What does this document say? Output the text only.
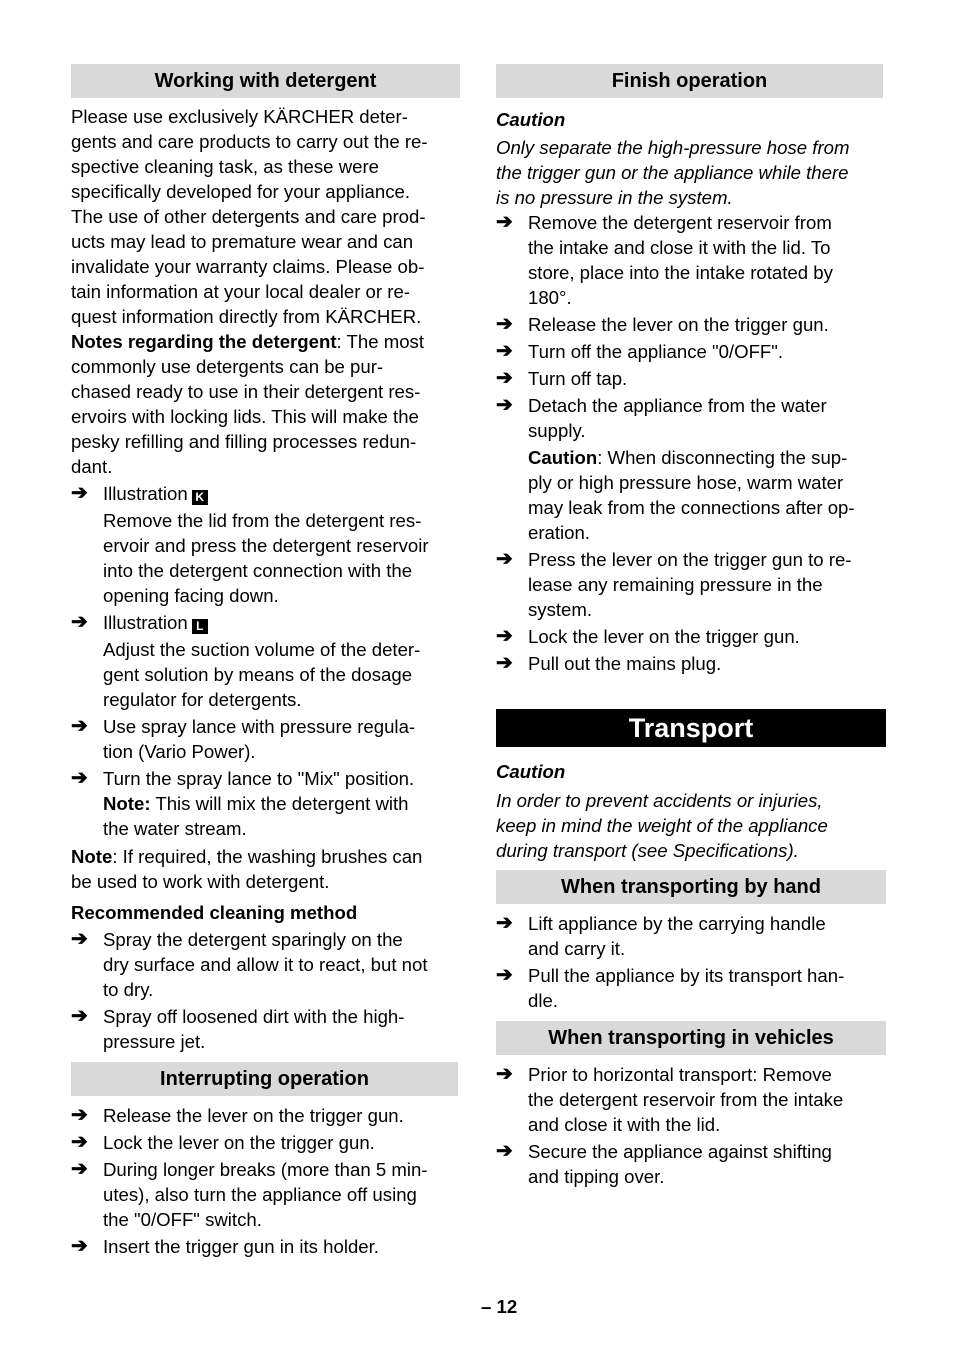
Working with detergent
Please use exclusively KÄRCHER deter-
gents and care products to carry out the re-
spective cleaning task, as these were
specifically developed for your appliance.
The use of other detergents and care prod-
ucts may lead to premature wear and can
invalidate your warranty claims. Please ob-
tain information at your local dealer or re-
quest information directly from KÄRCHER.
Notes regarding the detergent: The most
commonly use detergents can be pur-
chased ready to use in their detergent res-
ervoirs with locking lids. This will make the
pesky refilling and filling processes redun-
dant.
➔ Illustration K
Remove the lid from the detergent res-
ervoir and press the detergent reservoir
into the detergent connection with the
opening facing down.
➔ Illustration L
Adjust the suction volume of the deter-
gent solution by means of the dosage
regulator for detergents.
➔ Use spray lance with pressure regula-
tion (Vario Power).
➔ Turn the spray lance to "Mix" position.
Note: This will mix the detergent with
the water stream.
Note: If required, the washing brushes can
be used to work with detergent.
Recommended cleaning method
➔ Spray the detergent sparingly on the
dry surface and allow it to react, but not
to dry.
➔ Spray off loosened dirt with the high-
pressure jet.
Interrupting operation
➔ Release the lever on the trigger gun.
➔ Lock the lever on the trigger gun.
➔ During longer breaks (more than 5 min-
utes), also turn the appliance off using
the "0/OFF" switch.
➔ Insert the trigger gun in its holder.
Finish operation
Caution
Only separate the high-pressure hose from
the trigger gun or the appliance while there
is no pressure in the system.
➔ Remove the detergent reservoir from
the intake and close it with the lid. To
store, place into the intake rotated by
180°.
➔ Release the lever on the trigger gun.
➔ Turn off the appliance "0/OFF".
➔ Turn off tap.
➔ Detach the appliance from the water
supply.
Caution: When disconnecting the sup-
ply or high pressure hose, warm water
may leak from the connections after op-
eration.
➔ Press the lever on the trigger gun to re-
lease any remaining pressure in the
system.
➔ Lock the lever on the trigger gun.
➔ Pull out the mains plug.
Transport
Caution
In order to prevent accidents or injuries,
keep in mind the weight of the appliance
during transport (see Specifications).
When transporting by hand
➔ Lift appliance by the carrying handle
and carry it.
➔ Pull the appliance by its transport han-
dle.
When transporting in vehicles
➔ Prior to horizontal transport: Remove
the detergent reservoir from the intake
and close it with the lid.
➔ Secure the appliance against shifting
and tipping over.
– 12
